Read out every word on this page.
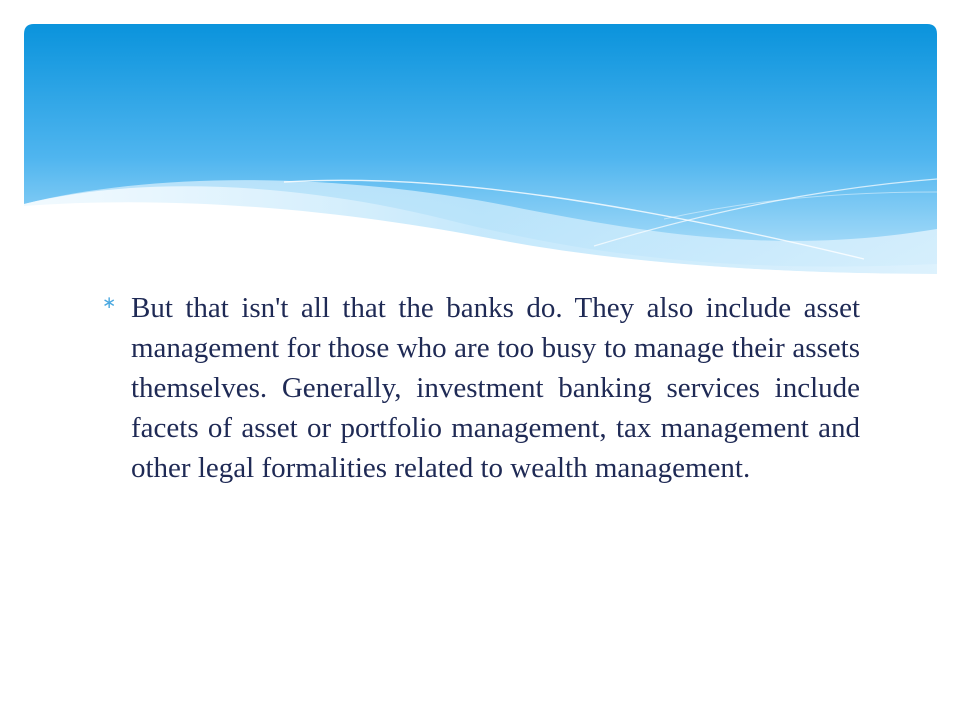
∗ But that isn't all that the banks do. They also include asset management for those who are too busy to manage their assets themselves. Generally, investment banking services include facets of asset or portfolio management, tax management and other legal formalities related to wealth management.
